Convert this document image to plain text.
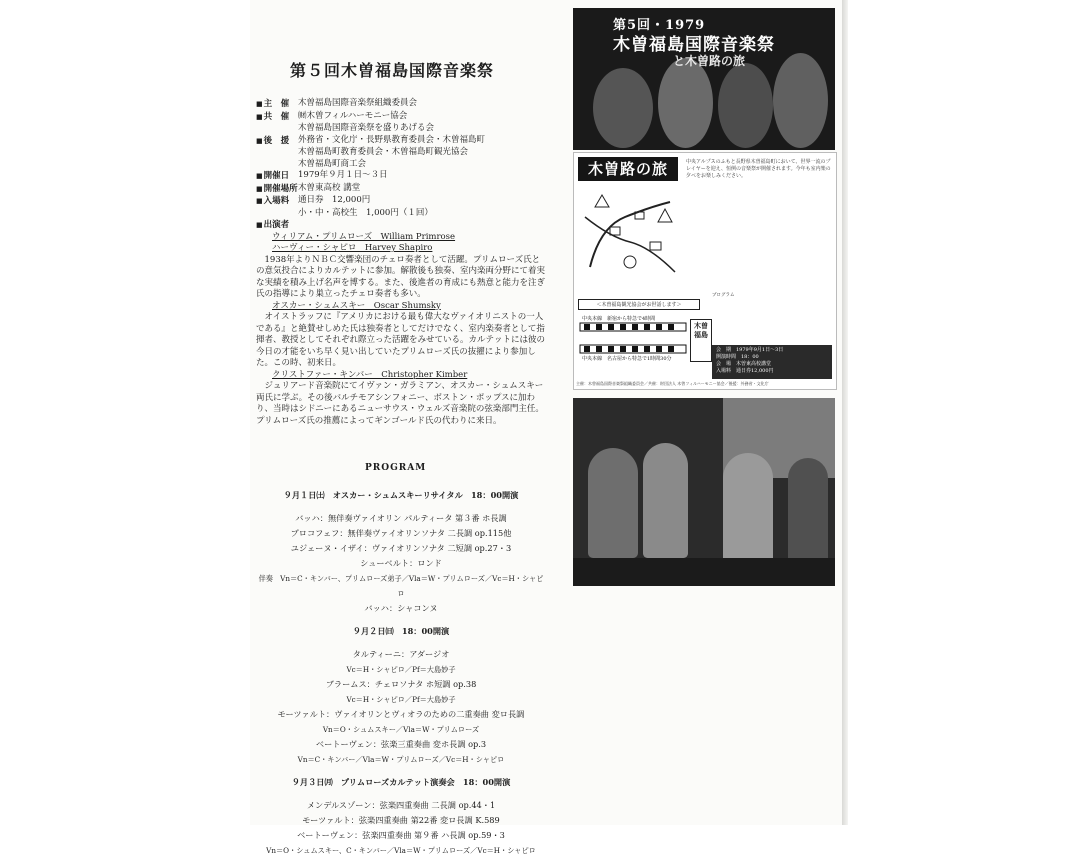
第５回木曽福島国際音楽祭
■ 主　催	木曽福島国際音楽祭組織委員会
■ 共　催	㈶木曽フィルハーモニー協会
木曽福島国際音楽祭を盛りあげる会
■ 後　援	外務省・文化庁・長野県教育委員会・木曽福島町
木曽福島町教育委員会・木曽福島町観光協会
木曽福島町商工会
■ 開催日	1979年９月１日～３日
■ 開催場所 木曽東高校 講堂
■ 入場料	通日券　12,000円
小・中・高校生　1,000円（１回）
■ 出演者
ウィリアム・プリムローズ　William Primrose
ハーヴィー・シャピロ　Harvey Shapiro
1938年よりＮＢＣ交響楽団のチェロ奏者として活躍。プリムローズ氏との意気投合によりカルテットに参加。解散後も独奏、室内楽両分野にて着実な実績を積み上げ名声を博する。また、後進者の育成にも熱意と能力を注ぎ氏の指導により巣立ったチェロ奏者も多い。
オスカー・シュムスキー　Oscar Shumsky
オイストラッフに『アメリカにおける最も偉大なヴァイオリニストの一人である』と絶賛せしめた氏は独奏者としてだけでなく、室内楽奏者として指揮者、教授としてそれぞれ際立った活躍をみせている。カルテットには彼の今日の才能をいち早く見い出していたプリムローズ氏の抜擢により参加した。この時、初来日。
クリストファー・キンバー　Christopher Kimber
ジュリアード音楽院にてイヴァン・ガラミアン、オスカー・シュムスキー両氏に学ぶ。その後バルチモアシンフォニー、ボストン・ポップスに加わり、当時はシドニーにあるニューサウス・ウェルズ音楽院の弦楽部門主任。プリムローズ氏の推薦によってギンゴールド氏の代わりに来日。
PROGRAM
９月１日㈯　オスカー・シュムスキーリサイタル　18：00開演
バッハ：無伴奏ヴァイオリン パルティータ 第３番 ホ長調
プロコフェフ：無伴奏ヴァイオリンソナタ 二長調 op.115他
ユジェーヌ・イザイ：ヴァイオリンソナタ 二短調 op.27・3
シューベルト：ロンド
伴奏　Vn＝C・キンバー、プリムローズ弟子／Vla＝W・プリムローズ／Vc＝H・シャピロ
バッハ：シャコンヌ
９月２日㈰　18：00開演
タルティーニ：アダージオ
Vc＝H・シャピロ／Pf＝大島妙子
ブラームス：チェロソナタ ホ短調 op.38
Vc＝H・シャピロ／Pf＝大島妙子
モーツァルト：ヴァイオリンとヴィオラのための二重奏曲 変ロ長調
Vn＝O・シュムスキー／Vla＝W・プリムローズ
ベートーヴェン：弦楽三重奏曲 変ホ長調 op.3
Vn＝C・キンバー／Vla＝W・プリムローズ／Vc＝H・シャピロ
９月３日㈪　プリムローズカルテット演奏会　18：00開演
メンデルスゾーン：弦楽四重奏曲 二長調 op.44・1
モーツァルト：弦楽四重奏曲 第22番 変ロ長調 K.589
ベートーヴェン：弦楽四重奏曲 第９番 ハ長調 op.59・3
Vn＝O・シュムスキー、C・キンバー／Vla＝W・プリムローズ／Vc＝H・シャピロ
第5回・1979
木曽福島国際音楽祭
と木曽路の旅
木曽路の旅	中央アルプスのふもと長野県木曽福島町において、世界一流のプレイヤーを迎え、恒例の音楽祭が開催されます。今年も室内楽の夕べをお楽しみください。
＜木曽福島観光協会がお世話します＞
中央本線　新宿から特急で4時間
中央本線　名古屋から特急で1時間30分
木曽福島
プログラム
会　期　1979年9月1日～3日
開演時間　18：00
会　場　木曽東高校講堂
入場料　通日券12,000円
主催：木曽福島国際音楽祭組織委員会／共催：財団法人 木曽フィルハーモニー協会／後援：外務省・文化庁
